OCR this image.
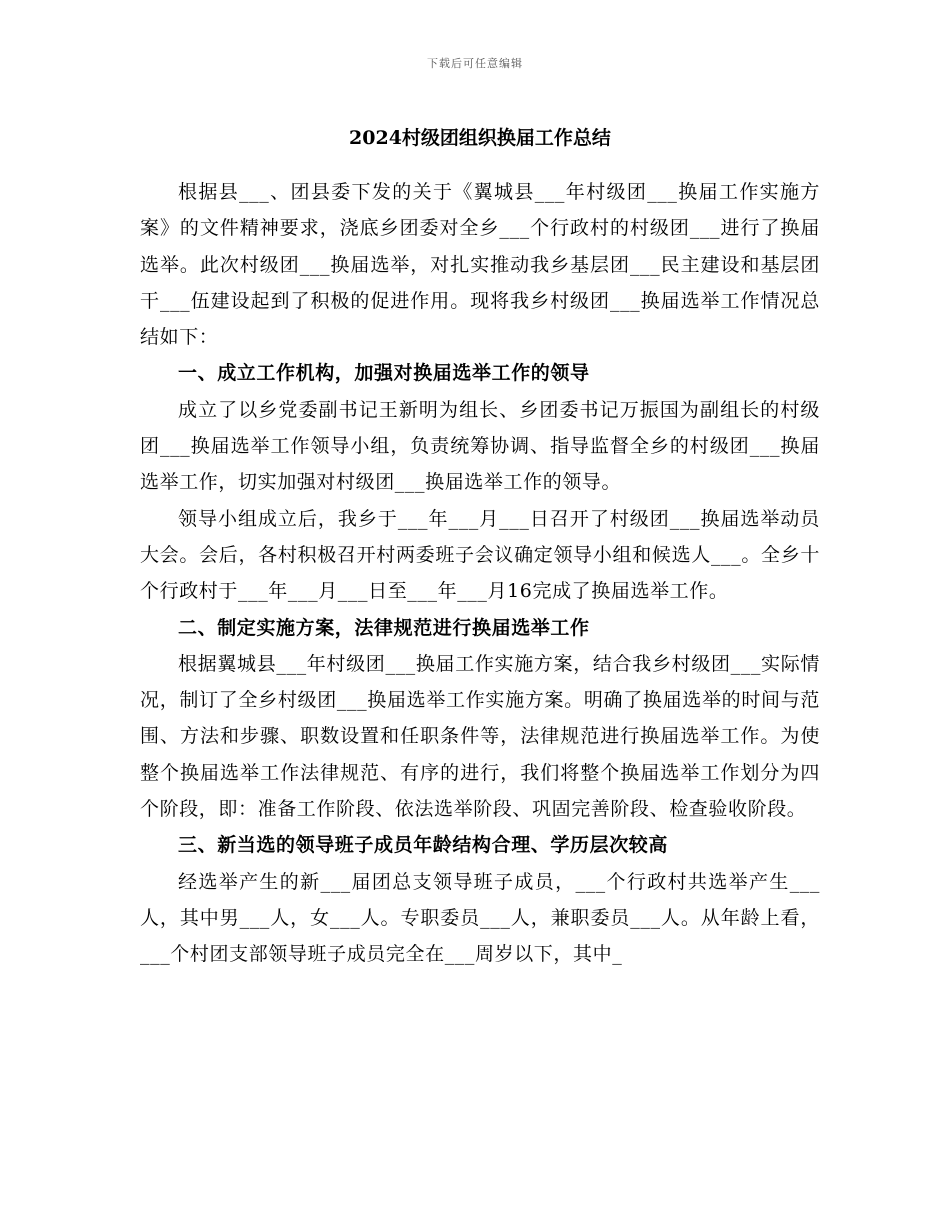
下载后可任意编辑
2024村级团组织换届工作总结

根据县___、团县委下发的关于《翼城县___年村级团___换届工作实施方案》的文件精神要求，浇底乡团委对全乡___个行政村的村级团___进行了换届选举。此次村级团___换届选举，对扎实推动我乡基层团___民主建设和基层团干___伍建设起到了积极的促进作用。现将我乡村级团___换届选举工作情况总结如下：

一、成立工作机构，加强对换届选举工作的领导

成立了以乡党委副书记王新明为组长、乡团委书记万振国为副组长的村级团___换届选举工作领导小组，负责统筹协调、指导监督全乡的村级团___换届选举工作，切实加强对村级团___换届选举工作的领导。

领导小组成立后，我乡于___年___月___日召开了村级团___换届选举动员大会。会后，各村积极召开村两委班子会议确定领导小组和候选人___。全乡十个行政村于___年___月___日至___年___月16完成了换届选举工作。

二、制定实施方案，法律规范进行换届选举工作

根据翼城县___年村级团___换届工作实施方案，结合我乡村级团___实际情况，制订了全乡村级团___换届选举工作实施方案。明确了换届选举的时间与范围、方法和步骤、职数设置和任职条件等，法律规范进行换届选举工作。为使整个换届选举工作法律规范、有序的进行，我们将整个换届选举工作划分为四个阶段，即：准备工作阶段、依法选举阶段、巩固完善阶段、检查验收阶段。

三、新当选的领导班子成员年龄结构合理、学历层次较高

经选举产生的新___届团总支领导班子成员，___个行政村共选举产生___人，其中男___人，女___人。专职委员___人，兼职委员___人。从年龄上看，___个村团支部领导班子成员完全在___周岁以下，其中_
